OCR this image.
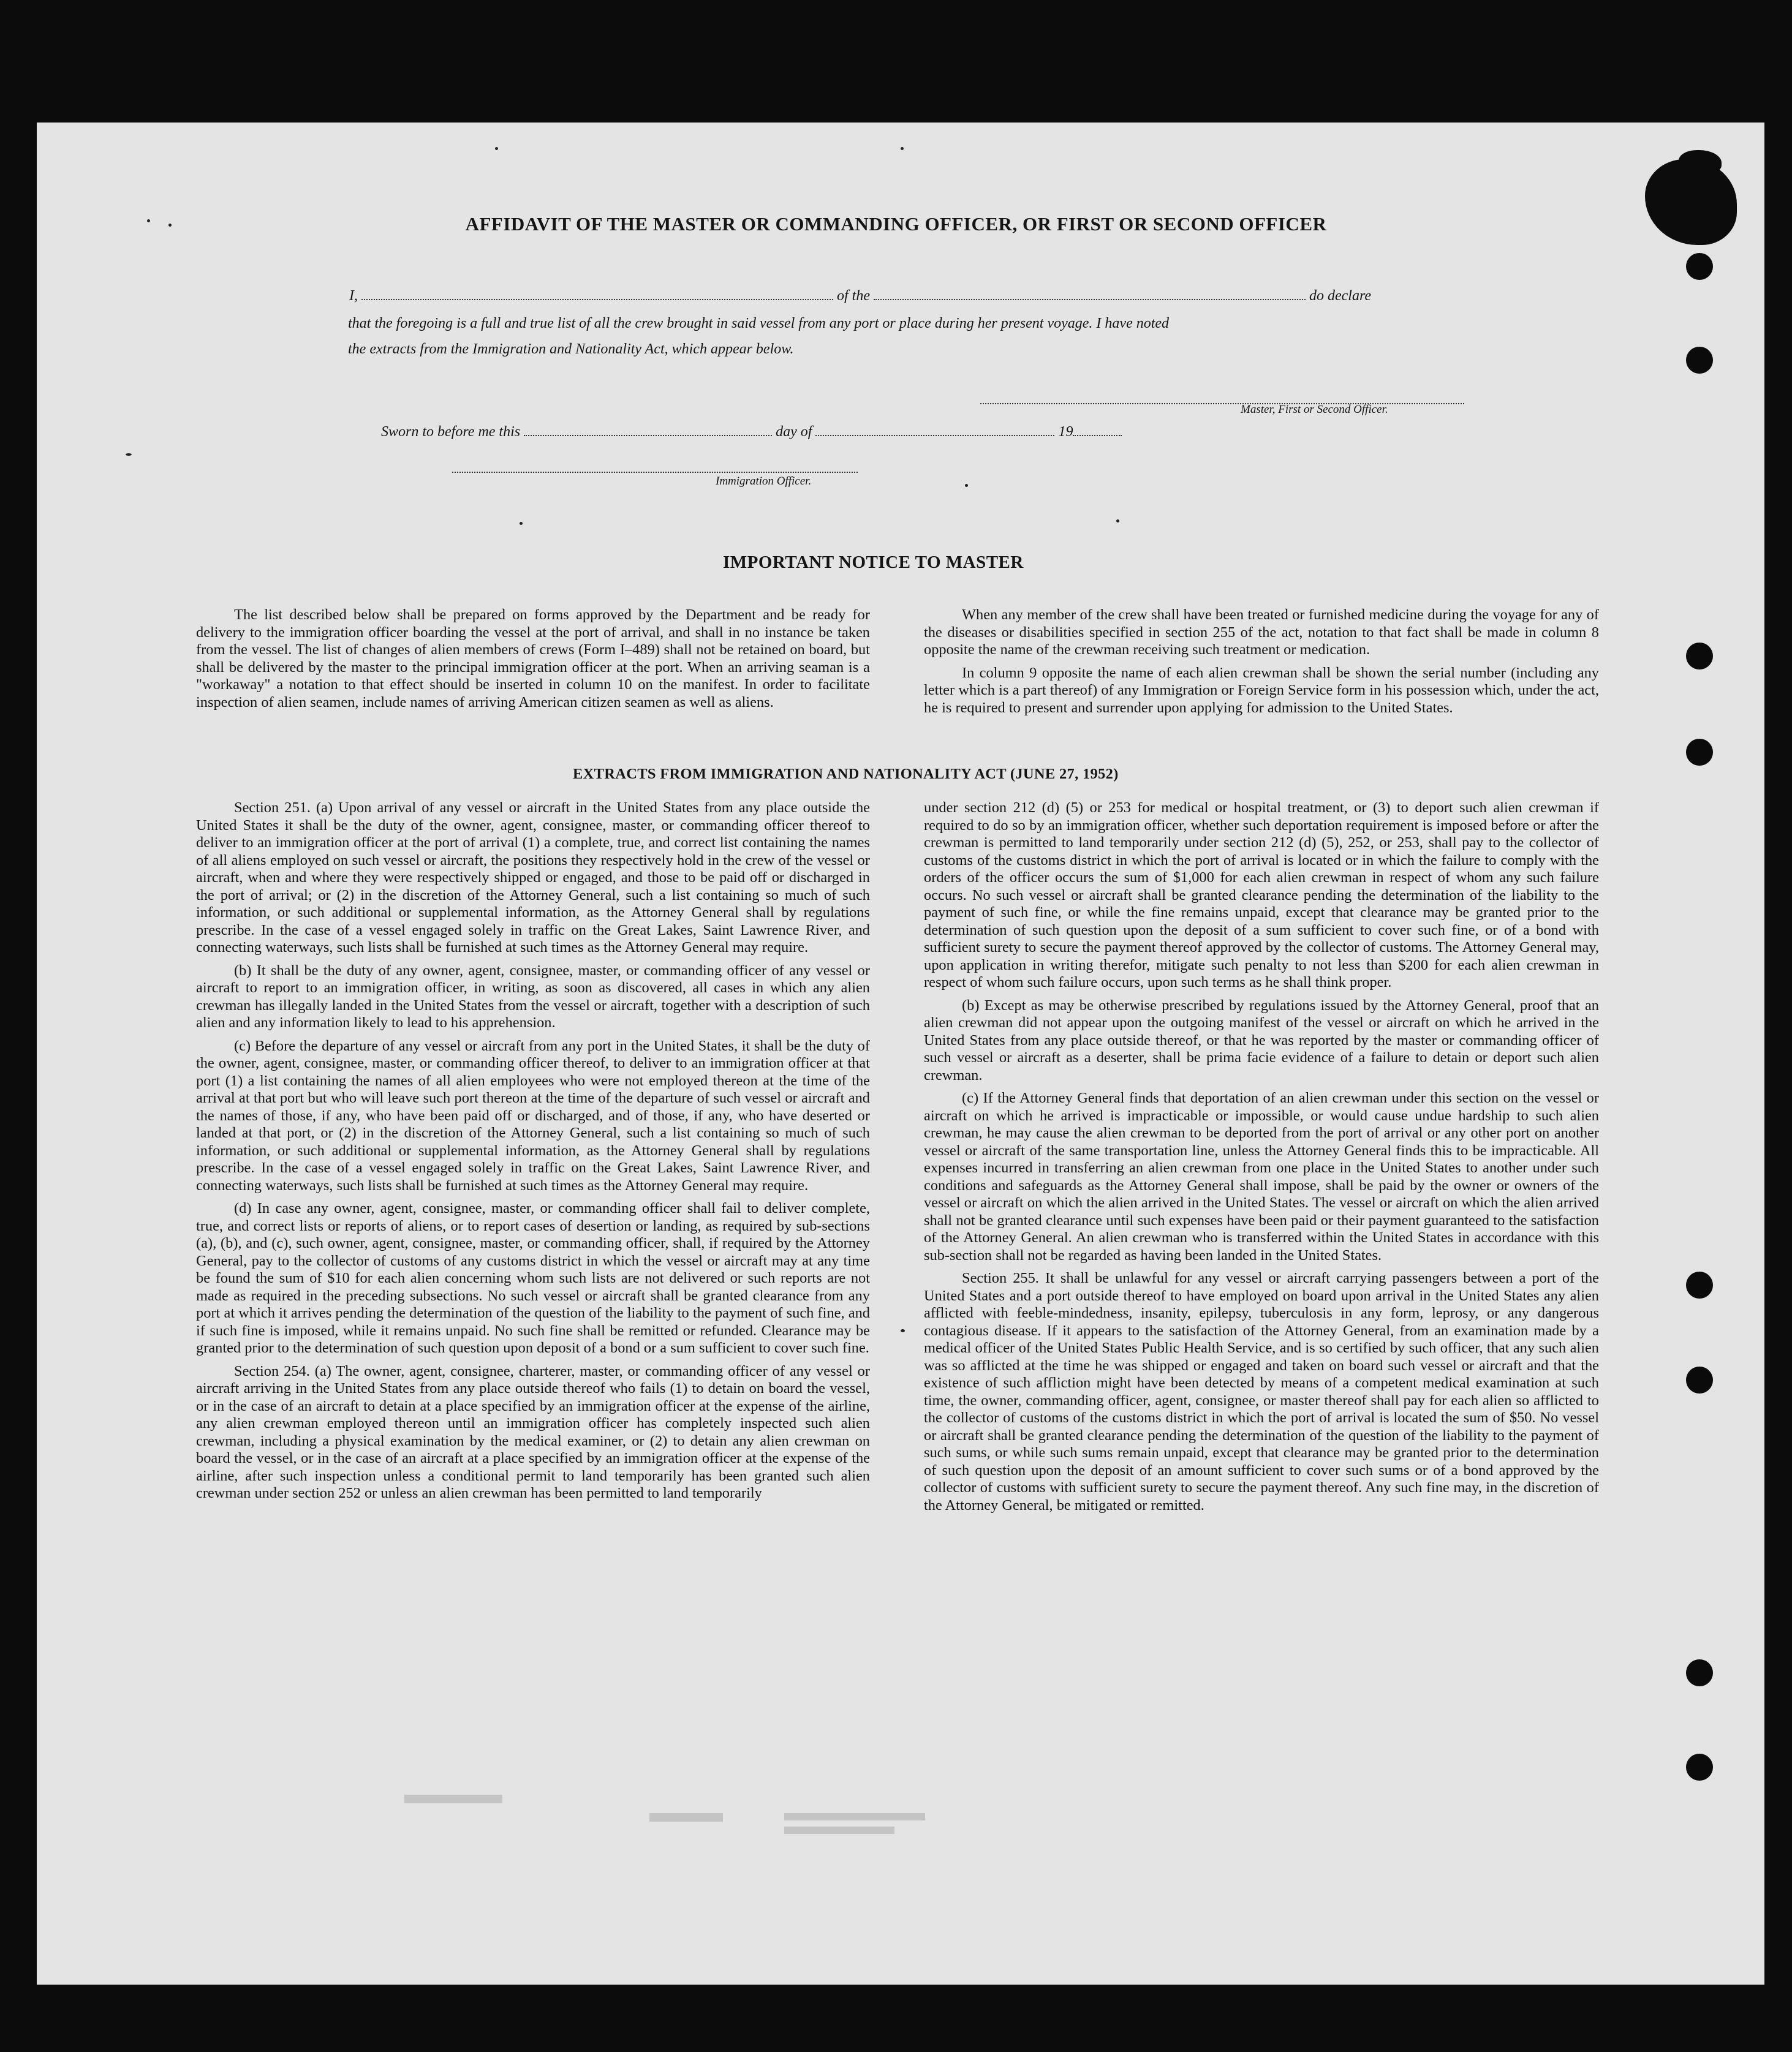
AFFIDAVIT OF THE MASTER OR COMMANDING OFFICER, OR FIRST OR SECOND OFFICER
I,	of the	do declare
that the foregoing is a full and true list of all the crew brought in said vessel from any port or place during her present voyage. I have noted
the extracts from the Immigration and Nationality Act, which appear below.
Master, First or Second Officer.
Sworn to before me this	day of	19
Immigration Officer.
IMPORTANT NOTICE TO MASTER

The list described below shall be prepared on forms approved by the Department and be ready for delivery to the immigration officer boarding the vessel at the port of arrival, and shall in no instance be taken from the vessel. The list of changes of alien members of crews (Form I–489) shall not be retained on board, but shall be delivered by the master to the principal immigration officer at the port. When an arriving seaman is a "workaway" a notation to that effect should be inserted in column 10 on the manifest. In order to facilitate inspection of alien seamen, include names of arriving American citizen seamen as well as aliens.

When any member of the crew shall have been treated or furnished medicine during the voyage for any of the diseases or disabilities specified in section 255 of the act, notation to that fact shall be made in column 8 opposite the name of the crewman receiving such treatment or medication.

In column 9 opposite the name of each alien crewman shall be shown the serial number (including any letter which is a part thereof) of any Immigration or Foreign Service form in his possession which, under the act, he is required to present and surrender upon applying for admission to the United States.

EXTRACTS FROM IMMIGRATION AND NATIONALITY ACT (JUNE 27, 1952)

Section 251. (a) Upon arrival of any vessel or aircraft in the United States from any place outside the United States it shall be the duty of the owner, agent, consignee, master, or commanding officer thereof to deliver to an immigration officer at the port of arrival (1) a complete, true, and correct list containing the names of all aliens employed on such vessel or aircraft, the positions they respectively hold in the crew of the vessel or aircraft, when and where they were respectively shipped or engaged, and those to be paid off or discharged in the port of arrival; or (2) in the discretion of the Attorney General, such a list containing so much of such information, or such additional or supplemental information, as the Attorney General shall by regulations prescribe. In the case of a vessel engaged solely in traffic on the Great Lakes, Saint Lawrence River, and connecting waterways, such lists shall be furnished at such times as the Attorney General may require.

(b) It shall be the duty of any owner, agent, consignee, master, or commanding officer of any vessel or aircraft to report to an immigration officer, in writing, as soon as discovered, all cases in which any alien crewman has illegally landed in the United States from the vessel or aircraft, together with a description of such alien and any information likely to lead to his apprehension.

(c) Before the departure of any vessel or aircraft from any port in the United States, it shall be the duty of the owner, agent, consignee, master, or commanding officer thereof, to deliver to an immigration officer at that port (1) a list containing the names of all alien employees who were not employed thereon at the time of the arrival at that port but who will leave such port thereon at the time of the departure of such vessel or aircraft and the names of those, if any, who have been paid off or discharged, and of those, if any, who have deserted or landed at that port, or (2) in the discretion of the Attorney General, such a list containing so much of such information, or such additional or supplemental information, as the Attorney General shall by regulations prescribe. In the case of a vessel engaged solely in traffic on the Great Lakes, Saint Lawrence River, and connecting waterways, such lists shall be furnished at such times as the Attorney General may require.

(d) In case any owner, agent, consignee, master, or commanding officer shall fail to deliver complete, true, and correct lists or reports of aliens, or to report cases of desertion or landing, as required by sub-sections (a), (b), and (c), such owner, agent, consignee, master, or commanding officer, shall, if required by the Attorney General, pay to the collector of customs of any customs district in which the vessel or aircraft may at any time be found the sum of $10 for each alien concerning whom such lists are not delivered or such reports are not made as required in the preceding subsections. No such vessel or aircraft shall be granted clearance from any port at which it arrives pending the determination of the question of the liability to the payment of such fine, and if such fine is imposed, while it remains unpaid. No such fine shall be remitted or refunded. Clearance may be granted prior to the determination of such question upon deposit of a bond or a sum sufficient to cover such fine.

Section 254. (a) The owner, agent, consignee, charterer, master, or commanding officer of any vessel or aircraft arriving in the United States from any place outside thereof who fails (1) to detain on board the vessel, or in the case of an aircraft to detain at a place specified by an immigration officer at the expense of the airline, any alien crewman employed thereon until an immigration officer has completely inspected such alien crewman, including a physical examination by the medical examiner, or (2) to detain any alien crewman on board the vessel, or in the case of an aircraft at a place specified by an immigration officer at the expense of the airline, after such inspection unless a conditional permit to land temporarily has been granted such alien crewman under section 252 or unless an alien crewman has been permitted to land temporarily

under section 212 (d) (5) or 253 for medical or hospital treatment, or (3) to deport such alien crewman if required to do so by an immigration officer, whether such deportation requirement is imposed before or after the crewman is permitted to land temporarily under section 212 (d) (5), 252, or 253, shall pay to the collector of customs of the customs district in which the port of arrival is located or in which the failure to comply with the orders of the officer occurs the sum of $1,000 for each alien crewman in respect of whom any such failure occurs. No such vessel or aircraft shall be granted clearance pending the determination of the liability to the payment of such fine, or while the fine remains unpaid, except that clearance may be granted prior to the determination of such question upon the deposit of a sum sufficient to cover such fine, or of a bond with sufficient surety to secure the payment thereof approved by the collector of customs. The Attorney General may, upon application in writing therefor, mitigate such penalty to not less than $200 for each alien crewman in respect of whom such failure occurs, upon such terms as he shall think proper.

(b) Except as may be otherwise prescribed by regulations issued by the Attorney General, proof that an alien crewman did not appear upon the outgoing manifest of the vessel or aircraft on which he arrived in the United States from any place outside thereof, or that he was reported by the master or commanding officer of such vessel or aircraft as a deserter, shall be prima facie evidence of a failure to detain or deport such alien crewman.

(c) If the Attorney General finds that deportation of an alien crewman under this section on the vessel or aircraft on which he arrived is impracticable or impossible, or would cause undue hardship to such alien crewman, he may cause the alien crewman to be deported from the port of arrival or any other port on another vessel or aircraft of the same transportation line, unless the Attorney General finds this to be impracticable. All expenses incurred in transferring an alien crewman from one place in the United States to another under such conditions and safeguards as the Attorney General shall impose, shall be paid by the owner or owners of the vessel or aircraft on which the alien arrived in the United States. The vessel or aircraft on which the alien arrived shall not be granted clearance until such expenses have been paid or their payment guaranteed to the satisfaction of the Attorney General. An alien crewman who is transferred within the United States in accordance with this sub-section shall not be regarded as having been landed in the United States.

Section 255. It shall be unlawful for any vessel or aircraft carrying passengers between a port of the United States and a port outside thereof to have employed on board upon arrival in the United States any alien afflicted with feeble-mindedness, insanity, epilepsy, tuberculosis in any form, leprosy, or any dangerous contagious disease. If it appears to the satisfaction of the Attorney General, from an examination made by a medical officer of the United States Public Health Service, and is so certified by such officer, that any such alien was so afflicted at the time he was shipped or engaged and taken on board such vessel or aircraft and that the existence of such affliction might have been detected by means of a competent medical examination at such time, the owner, commanding officer, agent, consignee, or master thereof shall pay for each alien so afflicted to the collector of customs of the customs district in which the port of arrival is located the sum of $50. No vessel or aircraft shall be granted clearance pending the determination of the question of the liability to the payment of such sums, or while such sums remain unpaid, except that clearance may be granted prior to the determination of such question upon the deposit of an amount sufficient to cover such sums or of a bond approved by the collector of customs with sufficient surety to secure the payment thereof. Any such fine may, in the discretion of the Attorney General, be mitigated or remitted.
